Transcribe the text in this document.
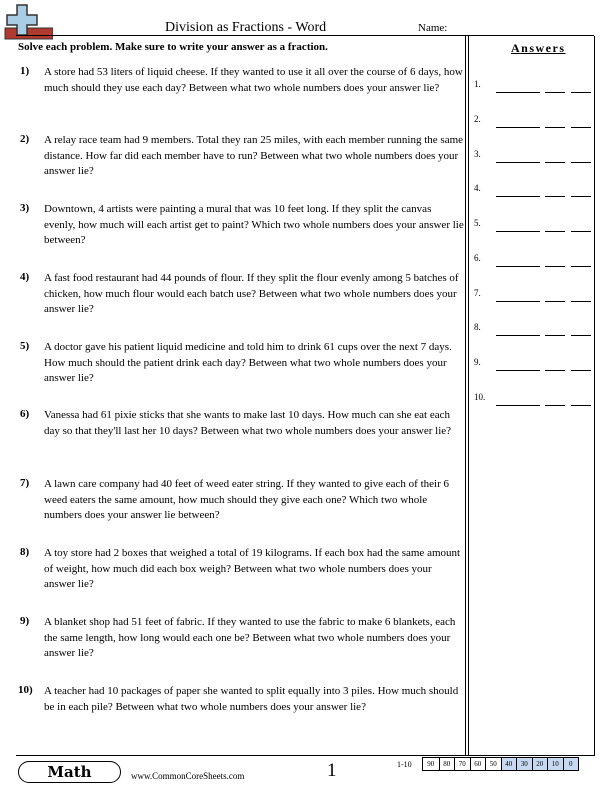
Division as Fractions - Word	Name:
Solve each problem. Make sure to write your answer as a fraction.
1) A store had 53 liters of liquid cheese. If they wanted to use it all over the course of 6 days, how much should they use each day? Between what two whole numbers does your answer lie?
2) A relay race team had 9 members. Total they ran 25 miles, with each member running the same distance. How far did each member have to run? Between what two whole numbers does your answer lie?
3) Downtown, 4 artists were painting a mural that was 10 feet long. If they split the canvas evenly, how much will each artist get to paint? Which two whole numbers does your answer lie between?
4) A fast food restaurant had 44 pounds of flour. If they split the flour evenly among 5 batches of chicken, how much flour would each batch use? Between what two whole numbers does your answer lie?
5) A doctor gave his patient liquid medicine and told him to drink 61 cups over the next 7 days. How much should the patient drink each day? Between what two whole numbers does your answer lie?
6) Vanessa had 61 pixie sticks that she wants to make last 10 days. How much can she eat each day so that they'll last her 10 days? Between what two whole numbers does your answer lie?
7) A lawn care company had 40 feet of weed eater string. If they wanted to give each of their 6 weed eaters the same amount, how much should they give each one? Which two whole numbers does your answer lie between?
8) A toy store had 2 boxes that weighed a total of 19 kilograms. If each box had the same amount of weight, how much did each box weigh? Between what two whole numbers does your answer lie?
9) A blanket shop had 51 feet of fabric. If they wanted to use the fabric to make 6 blankets, each the same length, how long would each one be? Between what two whole numbers does your answer lie?
10) A teacher had 10 packages of paper she wanted to split equally into 3 piles. How much should be in each pile? Between what two whole numbers does your answer lie?
Answers
1.
2.
3.
4.
5.
6.
7.
8.
9.
10.
Math	www.CommonCoreSheets.com	1	1-10	90	80	70	60	50	40	30	20	10	0
